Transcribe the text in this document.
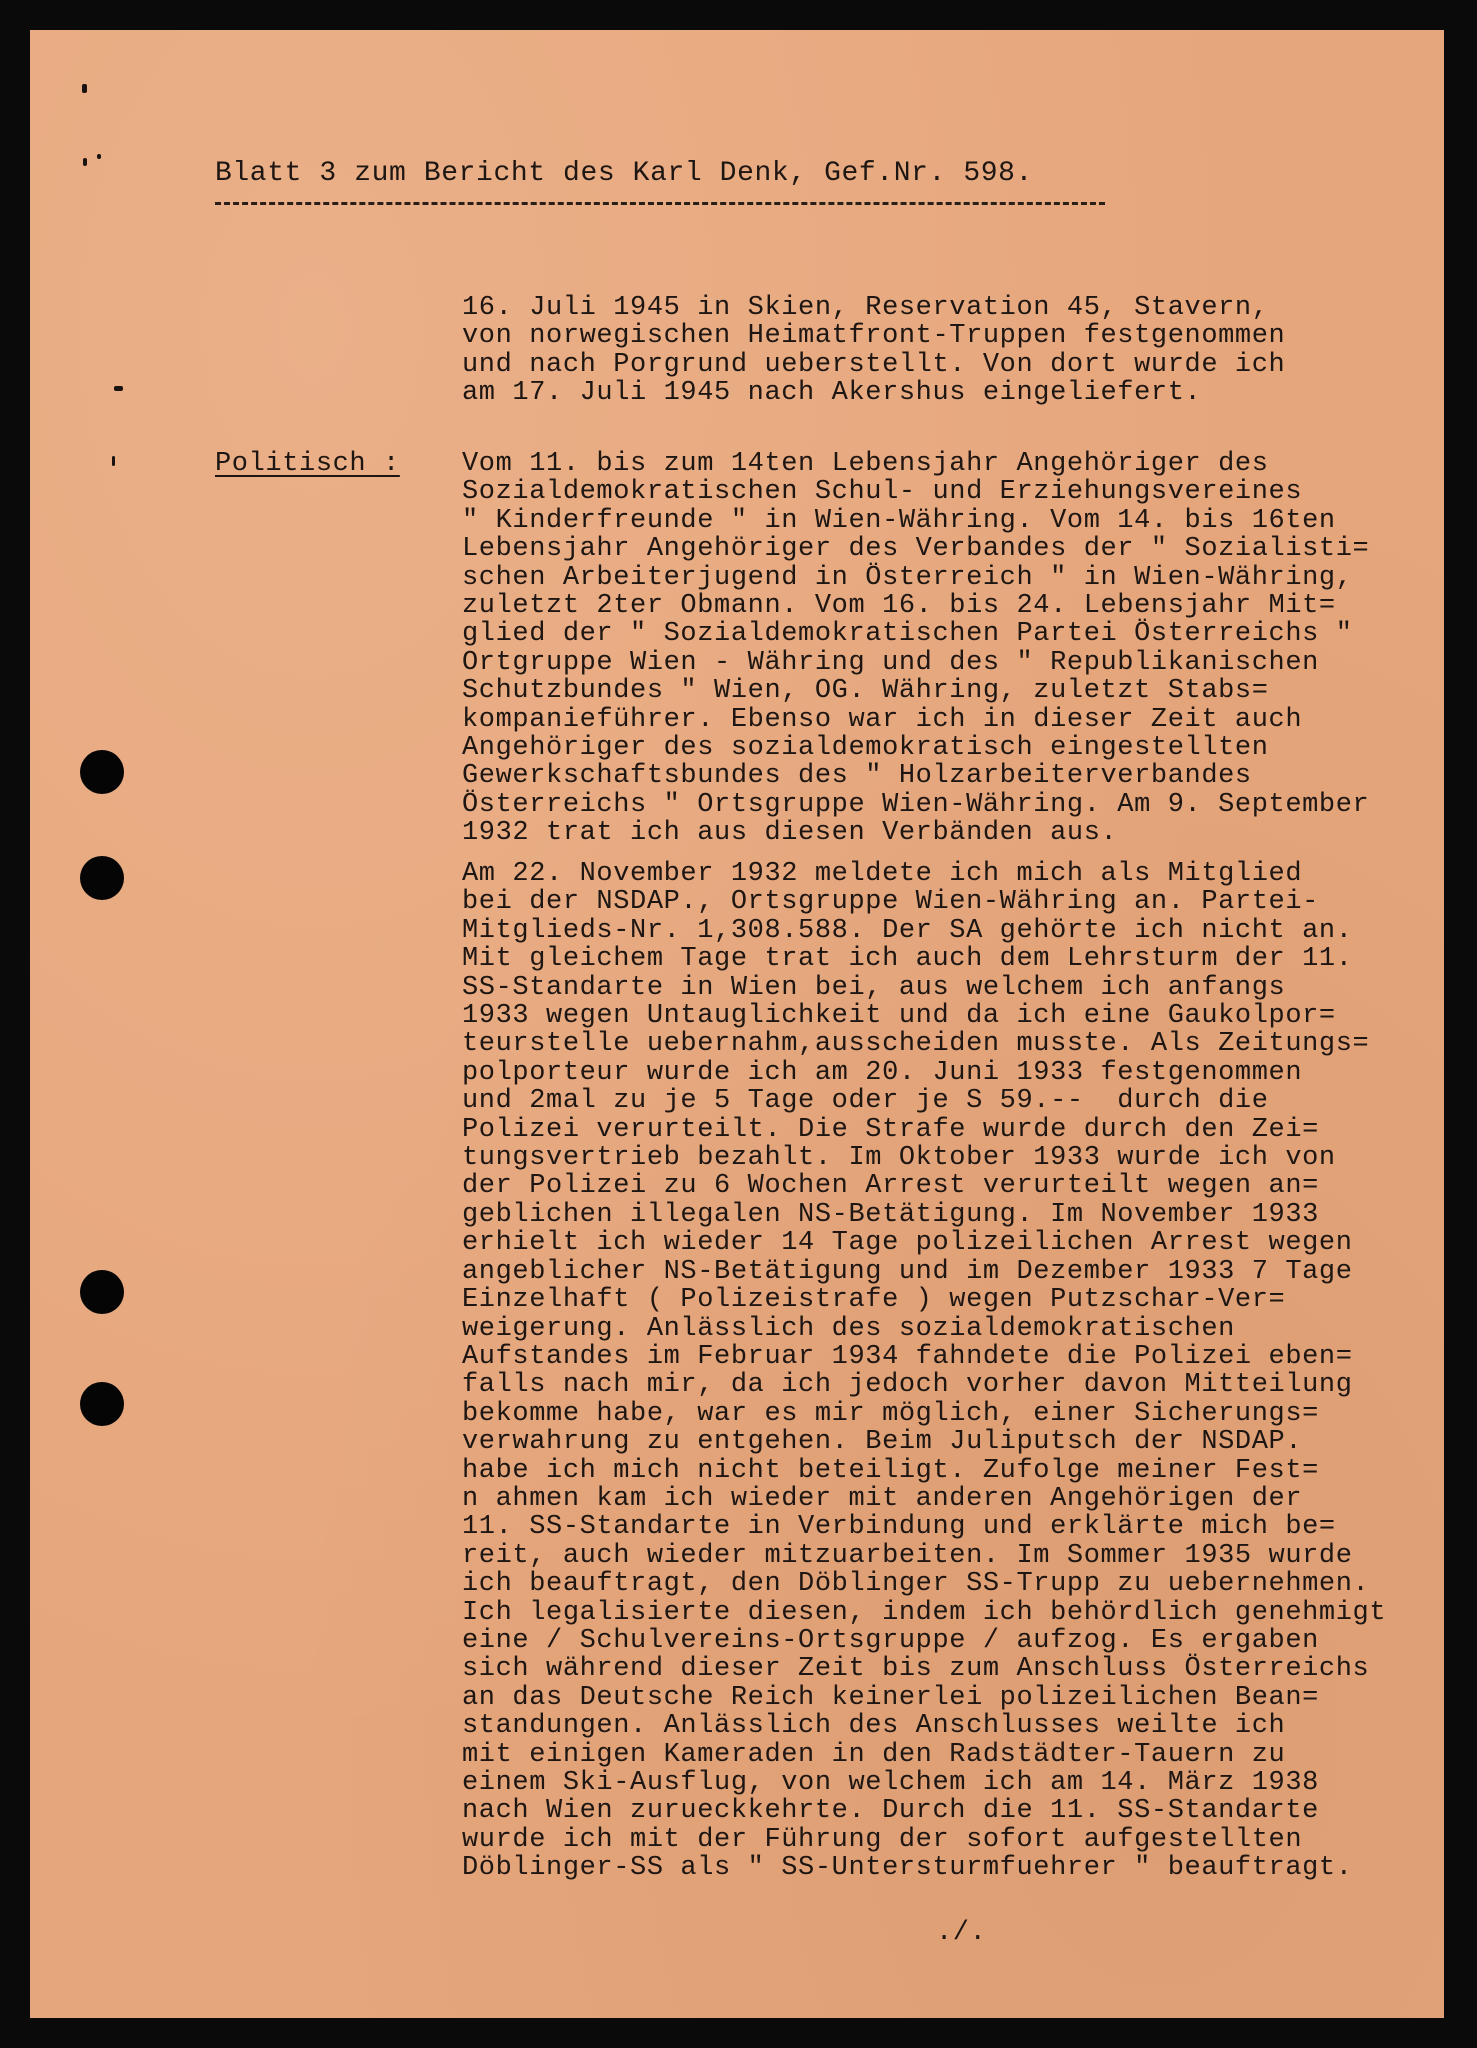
Blatt 3 zum Bericht des Karl Denk, Gef.Nr. 598.
16. Juli 1945 in Skien, Reservation 45, Stavern,
von norwegischen Heimatfront-Truppen festgenommen
und nach Porgrund ueberstellt. Von dort wurde ich
am 17. Juli 1945 nach Akershus eingeliefert.
Politisch : Vom 11. bis zum 14ten Lebensjahr Angehöriger des
Sozialdemokratischen Schul- und Erziehungsvereines
" Kinderfreunde " in Wien-Währing. Vom 14. bis 16ten
Lebensjahr Angehöriger des Verbandes der " Sozialisti=
schen Arbeiterjugend in Österreich " in Wien-Währing,
zuletzt 2ter Obmann. Vom 16. bis 24. Lebensjahr Mit=
glied der " Sozialdemokratischen Partei Österreichs "
Ortgruppe Wien - Währing und des " Republikanischen
Schutzbundes " Wien, OG. Währing, zuletzt Stabs=
kompanieführer. Ebenso war ich in dieser Zeit auch
Angehöriger des sozialdemokratisch eingestellten
Gewerkschaftsbundes des " Holzarbeiterverbandes
Österreichs " Ortsgruppe Wien-Währing. Am 9. September
1932 trat ich aus diesen Verbänden aus.
Am 22. November 1932 meldete ich mich als Mitglied
bei der NSDAP., Ortsgruppe Wien-Währing an. Partei-
Mitglieds-Nr. 1,308.588. Der SA gehörte ich nicht an.
Mit gleichem Tage trat ich auch dem Lehrsturm der 11.
SS-Standarte in Wien bei, aus welchem ich anfangs
1933 wegen Untauglichkeit und da ich eine Gaukolpor=
teurstelle uebernahm,ausscheiden musste. Als Zeitungs=
polporteur wurde ich am 20. Juni 1933 festgenommen
und 2mal zu je 5 Tage oder je S 59.--  durch die
Polizei verurteilt. Die Strafe wurde durch den Zei=
tungsvertrieb bezahlt. Im Oktober 1933 wurde ich von
der Polizei zu 6 Wochen Arrest verurteilt wegen an=
geblichen illegalen NS-Betätigung. Im November 1933
erhielt ich wieder 14 Tage polizeilichen Arrest wegen
angeblicher NS-Betätigung und im Dezember 1933 7 Tage
Einzelhaft ( Polizeistrafe ) wegen Putzschar-Ver=
weigerung. Anlässlich des sozialdemokratischen
Aufstandes im Februar 1934 fahndete die Polizei eben=
falls nach mir, da ich jedoch vorher davon Mitteilung
bekomme habe, war es mir möglich, einer Sicherungs=
verwahrung zu entgehen. Beim Juliputsch der NSDAP.
habe ich mich nicht beteiligt. Zufolge meiner Fest=
n ahmen kam ich wieder mit anderen Angehörigen der
11. SS-Standarte in Verbindung und erklärte mich be=
reit, auch wieder mitzuarbeiten. Im Sommer 1935 wurde
ich beauftragt, den Döblinger SS-Trupp zu uebernehmen.
Ich legalisierte diesen, indem ich behördlich genehmigt
eine / Schulvereins-Ortsgruppe / aufzog. Es ergaben
sich während dieser Zeit bis zum Anschluss Österreichs
an das Deutsche Reich keinerlei polizeilichen Bean=
standungen. Anlässlich des Anschlusses weilte ich
mit einigen Kameraden in den Radstädter-Tauern zu
einem Ski-Ausflug, von welchem ich am 14. März 1938
nach Wien zurueckkehrte. Durch die 11. SS-Standarte
wurde ich mit der Führung der sofort aufgestellten
Döblinger-SS als " SS-Untersturmfuehrer " beauftragt.
./.
